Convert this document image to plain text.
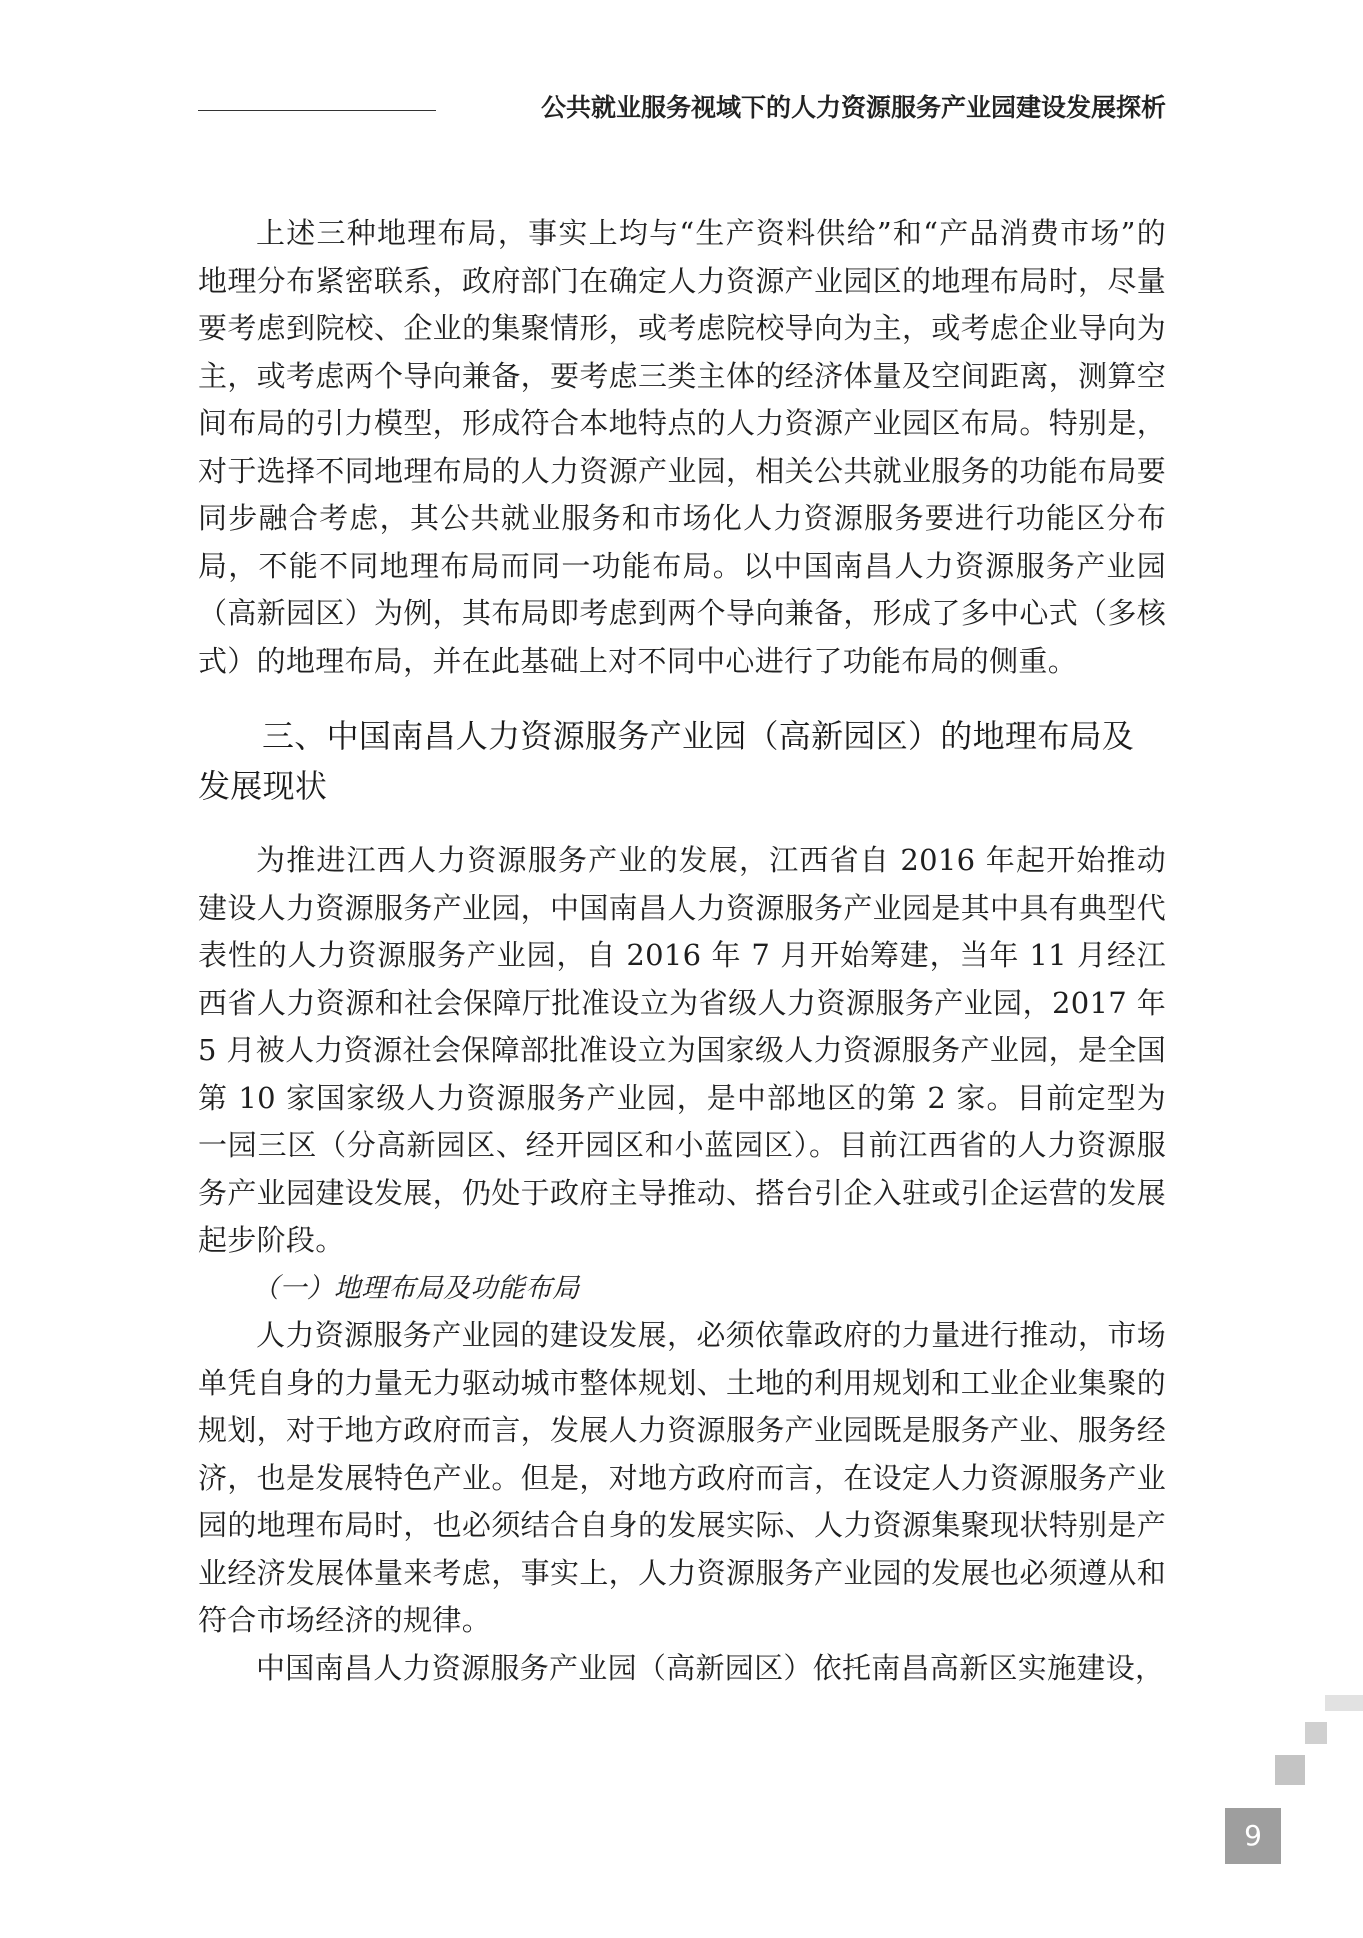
公共就业服务视域下的人力资源服务产业园建设发展探析

上述三种地理布局，事实上均与“生产资料供给”和“产品消费市场”的地理分布紧密联系，政府部门在确定人力资源产业园区的地理布局时，尽量要考虑到院校、企业的集聚情形，或考虑院校导向为主，或考虑企业导向为主，或考虑两个导向兼备，要考虑三类主体的经济体量及空间距离，测算空间布局的引力模型，形成符合本地特点的人力资源产业园区布局。特别是，对于选择不同地理布局的人力资源产业园，相关公共就业服务的功能布局要同步融合考虑，其公共就业服务和市场化人力资源服务要进行功能区分布局，不能不同地理布局而同一功能布局。以中国南昌人力资源服务产业园（高新园区）为例，其布局即考虑到两个导向兼备，形成了多中心式（多核式）的地理布局，并在此基础上对不同中心进行了功能布局的侧重。

三、中国南昌人力资源服务产业园（高新园区）的地理布局及发展现状

为推进江西人力资源服务产业的发展，江西省自 2016 年起开始推动建设人力资源服务产业园，中国南昌人力资源服务产业园是其中具有典型代表性的人力资源服务产业园，自 2016 年 7 月开始筹建，当年 11 月经江西省人力资源和社会保障厅批准设立为省级人力资源服务产业园，2017 年 5 月被人力资源社会保障部批准设立为国家级人力资源服务产业园，是全国第 10 家国家级人力资源服务产业园，是中部地区的第 2 家。目前定型为一园三区（分高新园区、经开园区和小蓝园区）。目前江西省的人力资源服务产业园建设发展，仍处于政府主导推动、搭台引企入驻或引企运营的发展起步阶段。

（一）地理布局及功能布局

人力资源服务产业园的建设发展，必须依靠政府的力量进行推动，市场单凭自身的力量无力驱动城市整体规划、土地的利用规划和工业企业集聚的规划，对于地方政府而言，发展人力资源服务产业园既是服务产业、服务经济，也是发展特色产业。但是，对地方政府而言，在设定人力资源服务产业园的地理布局时，也必须结合自身的发展实际、人力资源集聚现状特别是产业经济发展体量来考虑，事实上，人力资源服务产业园的发展也必须遵从和符合市场经济的规律。

中国南昌人力资源服务产业园（高新园区）依托南昌高新区实施建设，

9
